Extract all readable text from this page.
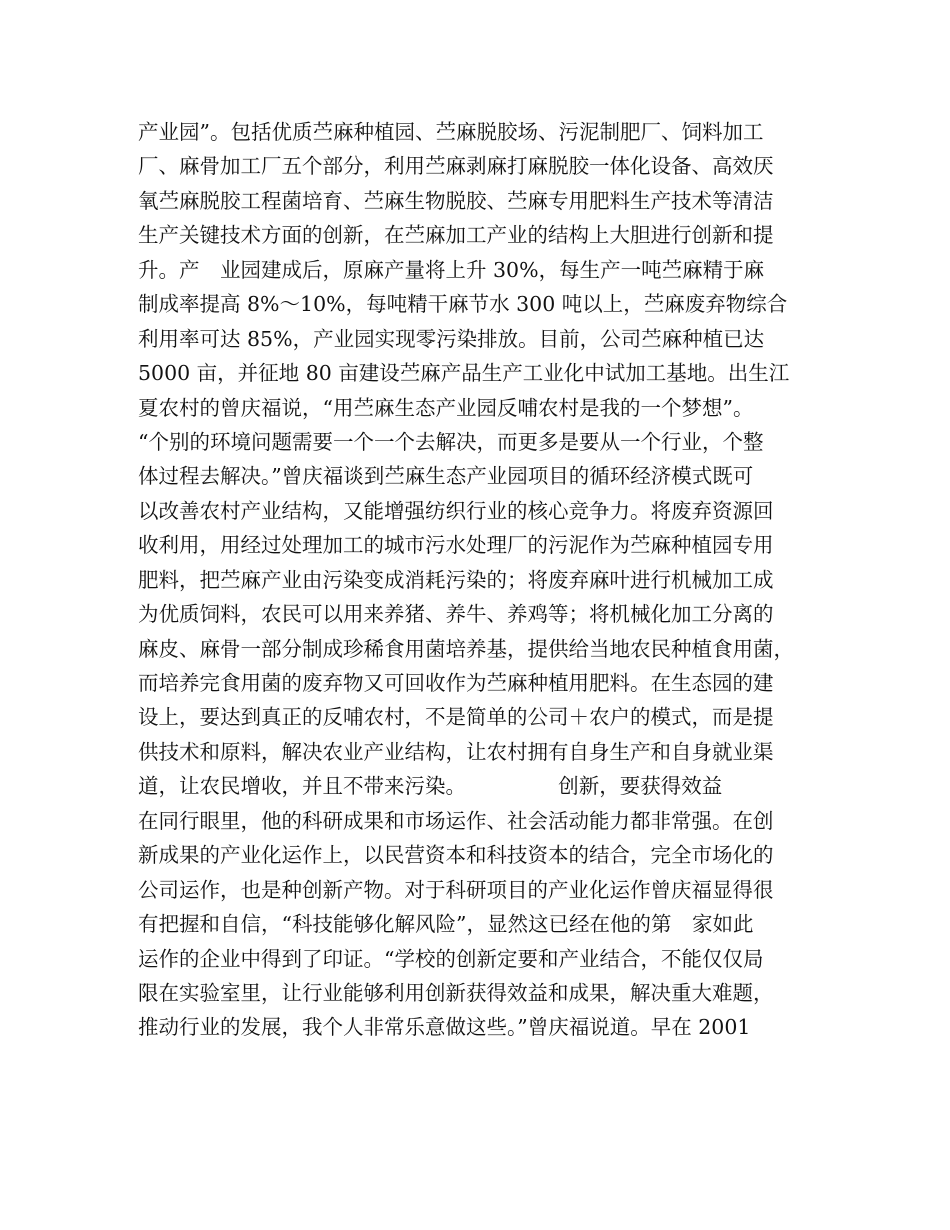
产业园”。包括优质苎麻种植园、苎麻脱胶场、污泥制肥厂、饲料加工
厂、麻骨加工厂五个部分，利用苎麻剥麻打麻脱胶一体化设备、高效厌
氧苎麻脱胶工程菌培育、苎麻生物脱胶、苎麻专用肥料生产技术等清洁
生产关键技术方面的创新，在苎麻加工产业的结构上大胆进行创新和提
升。产　业园建成后，原麻产量将上升 30%，每生产一吨苎麻精于麻
制成率提高 8%～10%，每吨精干麻节水 300 吨以上，苎麻废弃物综合
利用率可达 85%，产业园实现零污染排放。目前，公司苎麻种植已达
5000 亩，并征地 80 亩建设苎麻产品生产工业化中试加工基地。出生江
夏农村的曾庆福说，“用苎麻生态产业园反哺农村是我的一个梦想”。
“个别的环境问题需要一个一个去解决，而更多是要从一个行业，个整
体过程去解决。”曾庆福谈到苎麻生态产业园项目的循环经济模式既可
以改善农村产业结构，又能增强纺织行业的核心竞争力。将废弃资源回
收利用，用经过处理加工的城市污水处理厂的污泥作为苎麻种植园专用
肥料，把苎麻产业由污染变成消耗污染的；将废弃麻叶进行机械加工成
为优质饲料，农民可以用来养猪、养牛、养鸡等；将机械化加工分离的
麻皮、麻骨一部分制成珍稀食用菌培养基，提供给当地农民种植食用菌，
而培养完食用菌的废弃物又可回收作为苎麻种植用肥料。在生态园的建
设上，要达到真正的反哺农村，不是简单的公司＋农户的模式，而是提
供技术和原料，解决农业产业结构，让农村拥有自身生产和自身就业渠
道，让农民增收，并且不带来污染。　　　　　创新，要获得效益
在同行眼里，他的科研成果和市场运作、社会活动能力都非常强。在创
新成果的产业化运作上，以民营资本和科技资本的结合，完全市场化的
公司运作，也是种创新产物。对于科研项目的产业化运作曾庆福显得很
有把握和自信，“科技能够化解风险”，显然这已经在他的第　家如此
运作的企业中得到了印证。“学校的创新定要和产业结合，不能仅仅局
限在实验室里，让行业能够利用创新获得效益和成果，解决重大难题，
推动行业的发展，我个人非常乐意做这些。”曾庆福说道。早在 2001
